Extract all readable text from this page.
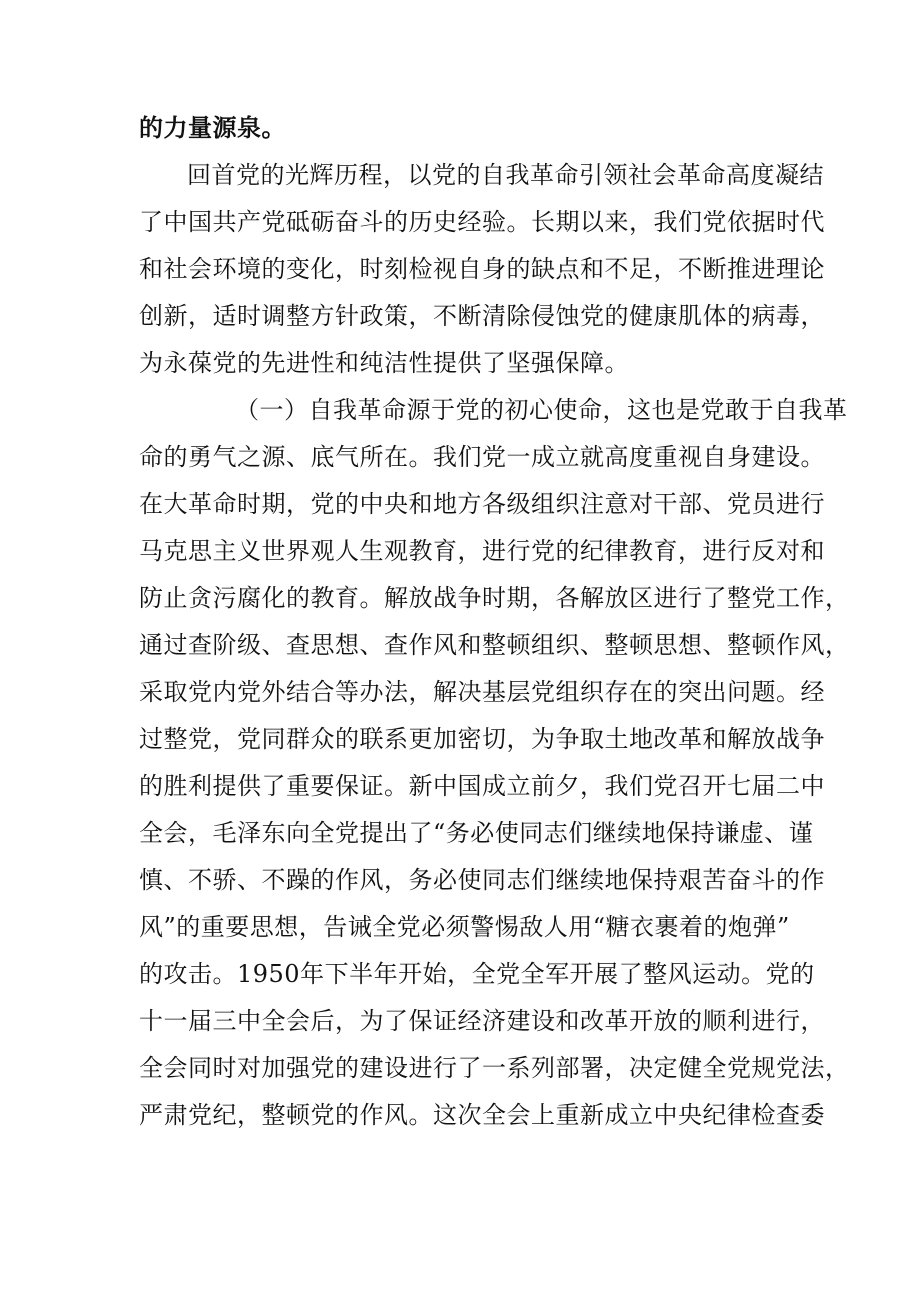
的力量源泉。
回首党的光辉历程，以党的自我革命引领社会革命高度凝结
了中国共产党砥砺奋斗的历史经验。长期以来，我们党依据时代
和社会环境的变化，时刻检视自身的缺点和不足，不断推进理论
创新，适时调整方针政策，不断清除侵蚀党的健康肌体的病毒，
为永葆党的先进性和纯洁性提供了坚强保障。
（一）自我革命源于党的初心使命，这也是党敢于自我革
命的勇气之源、底气所在。我们党一成立就高度重视自身建设。
在大革命时期，党的中央和地方各级组织注意对干部、党员进行
马克思主义世界观人生观教育，进行党的纪律教育，进行反对和
防止贪污腐化的教育。解放战争时期，各解放区进行了整党工作，
通过查阶级、查思想、查作风和整顿组织、整顿思想、整顿作风，
采取党内党外结合等办法，解决基层党组织存在的突出问题。经
过整党，党同群众的联系更加密切，为争取土地改革和解放战争
的胜利提供了重要保证。新中国成立前夕，我们党召开七届二中
全会，毛泽东向全党提出了“务必使同志们继续地保持谦虚、谨
慎、不骄、不躁的作风，务必使同志们继续地保持艰苦奋斗的作
风”的重要思想，告诫全党必须警惕敌人用“糖衣裹着的炮弹”
的攻击。1950年下半年开始，全党全军开展了整风运动。党的
十一届三中全会后，为了保证经济建设和改革开放的顺利进行，
全会同时对加强党的建设进行了一系列部署，决定健全党规党法，
严肃党纪，整顿党的作风。这次全会上重新成立中央纪律检查委
